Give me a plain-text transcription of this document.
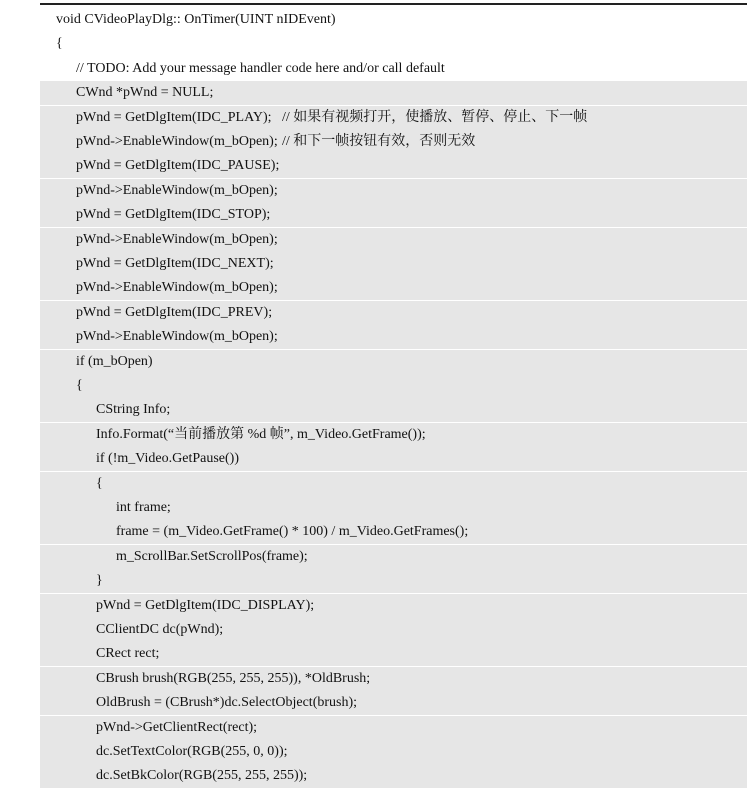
void CVideoPlayDlg:: OnTimer(UINT nIDEvent)
{
// TODO: Add your message handler code here and/or call default
CWnd *pWnd = NULL;
pWnd = GetDlgItem(IDC_PLAY); // 如果有视频打开，使播放、暂停、停止、下一帧
pWnd->EnableWindow(m_bOpen); // 和下一帧按钮有效，否则无效
pWnd = GetDlgItem(IDC_PAUSE);
pWnd->EnableWindow(m_bOpen);
pWnd = GetDlgItem(IDC_STOP);
pWnd->EnableWindow(m_bOpen);
pWnd = GetDlgItem(IDC_NEXT);
pWnd->EnableWindow(m_bOpen);
pWnd = GetDlgItem(IDC_PREV);
pWnd->EnableWindow(m_bOpen);
if (m_bOpen)
{
CString Info;
Info.Format(“当前播放第 %d 帧”, m_Video.GetFrame());
if (!m_Video.GetPause())
{
int frame;
frame = (m_Video.GetFrame() * 100) / m_Video.GetFrames();
m_ScrollBar.SetScrollPos(frame);
}
pWnd = GetDlgItem(IDC_DISPLAY);
CClientDC dc(pWnd);
CRect rect;
CBrush brush(RGB(255, 255, 255)), *OldBrush;
OldBrush = (CBrush*)dc.SelectObject(brush);
pWnd->GetClientRect(rect);
dc.SetTextColor(RGB(255, 0, 0));
dc.SetBkColor(RGB(255, 255, 255));
